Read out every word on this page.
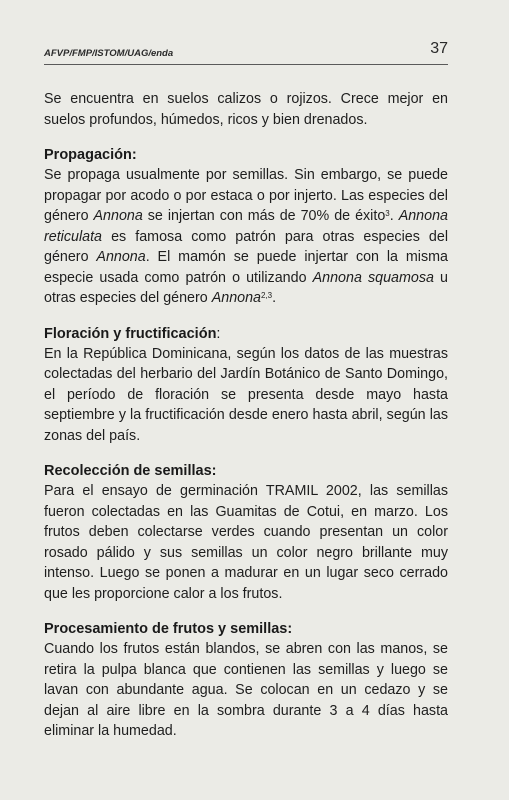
AFVP/FMP/ISTOM/UAG/enda	37

Se encuentra en suelos calizos o rojizos. Crece mejor en suelos profundos, húmedos, ricos y bien drenados.

Propagación:

Se propaga usualmente por semillas. Sin embargo, se puede propagar por acodo o por estaca o por injerto. Las especies del género Annona se injertan con más de 70% de éxito$^3$. Annona reticulata es famosa como patrón para otras especies del género Annona. El mamón se puede injertar con la misma especie usada como patrón o utilizando Annona squamosa u otras especies del género Annona$^{2,3}$.

Floración y fructificación:

En la República Dominicana, según los datos de las muestras colectadas del herbario del Jardín Botánico de Santo Domingo, el período de floración se presenta desde mayo hasta septiembre y la fructificación desde enero hasta abril, según las zonas del país.

Recolección de semillas:

Para el ensayo de germinación TRAMIL 2002, las semillas fueron colectadas en las Guamitas de Cotui, en marzo. Los frutos deben colectarse verdes cuando presentan un color rosado pálido y sus semillas un color negro brillante muy intenso. Luego se ponen a madurar en un lugar seco cerrado que les proporcione calor a los frutos.

Procesamiento de frutos y semillas:

Cuando los frutos están blandos, se abren con las manos, se retira la pulpa blanca que contienen las semillas y luego se lavan con abundante agua. Se colocan en un cedazo y se dejan al aire libre en la sombra durante 3 a 4 días hasta eliminar la humedad.
